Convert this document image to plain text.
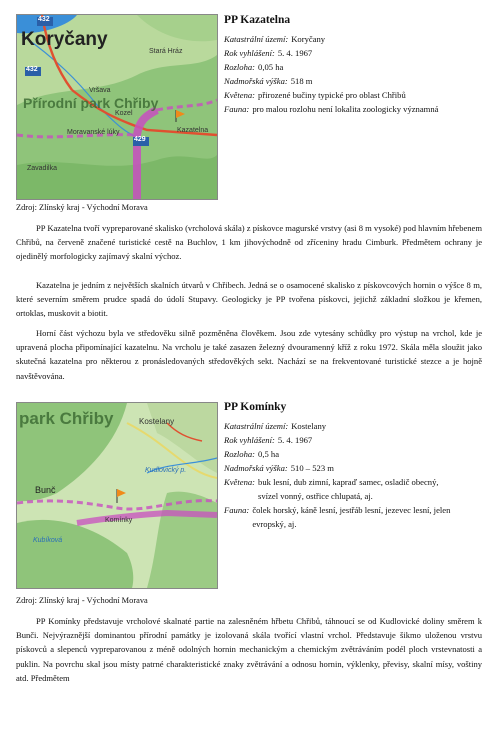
432
429
432
Koryčany
Přírodní park Chřiby
Stará Hráz
Vršava
Kozel
Moravanské lúky	Kazatelna
Zavadilka
Zdroj: Zlínský kraj - Východní Morava
PP Kazatelna
Katastrální území: Koryčany
Rok vyhlášení: 5. 4. 1967
Rozloha: 0,05 ha
Nadmořská výška: 518 m
Květena: přirozené bučiny typické pro oblast Chřibů
Fauna: pro malou rozlohu není lokalita zoologicky významná

PP Kazatelna tvoří vypreparované skalisko (vrcholová skála) z pískovce magurské vrstvy (asi 8 m vysoké) pod hlavním hřebenem Chřibů, na červeně značené turistické cestě na Buchlov, 1 km jihovýchodně od zříceniny hradu Cimburk. Předmětem ochrany je ojedinělý morfologicky zajímavý skalní výchoz.

Kazatelna je jedním z největších skalních útvarů v Chřibech. Jedná se o osamocené skalisko z pískovcových hornin o výšce 8 m, které severním směrem prudce spadá do údolí Stupavy. Geologicky je PP tvořena pískovci, jejichž základní složkou je křemen, ortoklas, muskovit a biotit.

Horní část výchozu byla ve středověku silně pozměněna člověkem. Jsou zde vytesány schůdky pro výstup na vrchol, kde je upravená plocha připomínající kazatelnu. Na vrcholu je také zasazen železný dvouramenný kříž z roku 1972. Skála měla sloužit jako skutečná kazatelna pro některou z pronásledovaných středověkých sekt. Nachází se na frekventované turistické stezce a je hojně navštěvována.

park Chřiby	Kostelany
Kudlovický p.
Bunč
Komínky
Kubíková
Zdroj: Zlínský kraj - Východní Morava
PP Komínky
Katastrální území: Kostelany
Rok vyhlášení: 5. 4. 1967
Rozloha: 0,5 ha
Nadmořská výška: 510 – 523 m
Květena: buk lesní, dub zimní, kapraď samec, osladič obecný, svízel vonný, ostřice chlupatá, aj.
Fauna: čolek horský, káně lesní, jestřáb lesní, jezevec lesní, jelen evropský, aj.

PP Komínky představuje vrcholové skalnaté partie na zalesněném hřbetu Chřibů, táhnoucí se od Kudlovické doliny směrem k Bunči. Nejvýraznější dominantou přírodní památky je izolovaná skála tvořící vlastní vrchol. Představuje šikmo uloženou vrstvu pískovců a slepenců vypreparovanou z méně odolných hornin mechanickým a chemickým zvětráváním podél ploch vrstevnatosti a puklin. Na povrchu skal jsou místy patrné charakteristické znaky zvětrávání a odnosu hornin, výklenky, převisy, skalní mísy, voštiny atd. Předmětem
